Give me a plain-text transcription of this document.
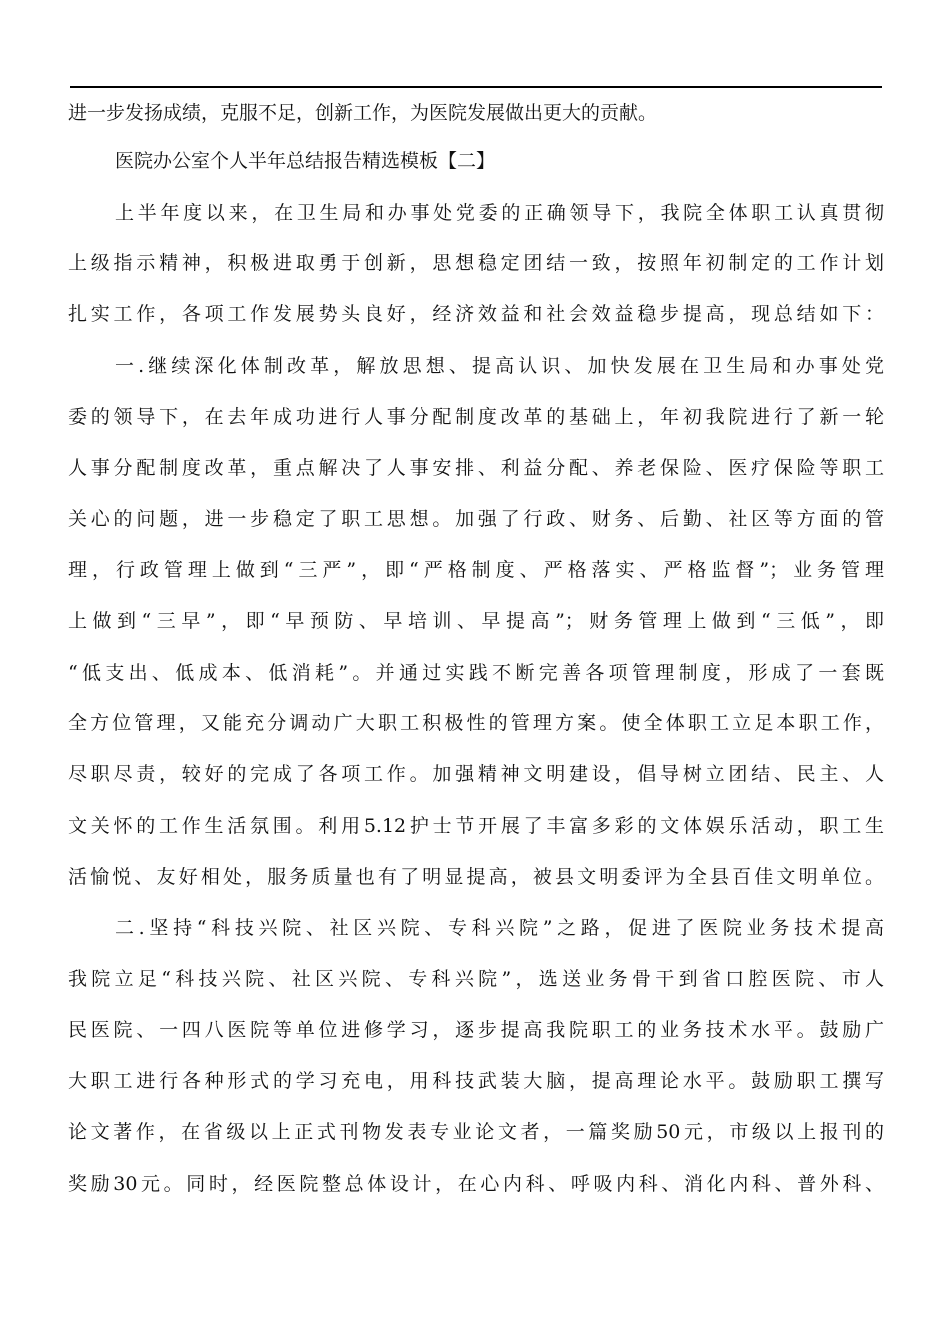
进一步发扬成绩，克服不足，创新工作，为医院发展做出更大的贡献。
医院办公室个人半年总结报告精选模板【二】
上半年度以来，在卫生局和办事处党委的正确领导下，我院全体职工认真贯彻
上级指示精神，积极进取勇于创新，思想稳定团结一致，按照年初制定的工作计划
扎实工作，各项工作发展势头良好，经济效益和社会效益稳步提高，现总结如下：
一.继续深化体制改革，解放思想、提高认识、加快发展在卫生局和办事处党
委的领导下，在去年成功进行人事分配制度改革的基础上，年初我院进行了新一轮
人事分配制度改革，重点解决了人事安排、利益分配、养老保险、医疗保险等职工
关心的问题，进一步稳定了职工思想。加强了行政、财务、后勤、社区等方面的管
理，行政管理上做到“三严”，即“严格制度、严格落实、严格监督”；业务管理
上做到“三早”，即“早预防、早培训、早提高”；财务管理上做到“三低”，即
“低支出、低成本、低消耗”。并通过实践不断完善各项管理制度，形成了一套既
全方位管理，又能充分调动广大职工积极性的管理方案。使全体职工立足本职工作，
尽职尽责，较好的完成了各项工作。加强精神文明建设，倡导树立团结、民主、人
文关怀的工作生活氛围。利用5.12护士节开展了丰富多彩的文体娱乐活动，职工生
活愉悦、友好相处，服务质量也有了明显提高，被县文明委评为全县百佳文明单位。
二.坚持“科技兴院、社区兴院、专科兴院”之路，促进了医院业务技术提高
我院立足“科技兴院、社区兴院、专科兴院”，选送业务骨干到省口腔医院、市人
民医院、一四八医院等单位进修学习，逐步提高我院职工的业务技术水平。鼓励广
大职工进行各种形式的学习充电，用科技武装大脑，提高理论水平。鼓励职工撰写
论文著作，在省级以上正式刊物发表专业论文者，一篇奖励50元，市级以上报刊的
奖励30元。同时，经医院整总体设计，在心内科、呼吸内科、消化内科、普外科、
